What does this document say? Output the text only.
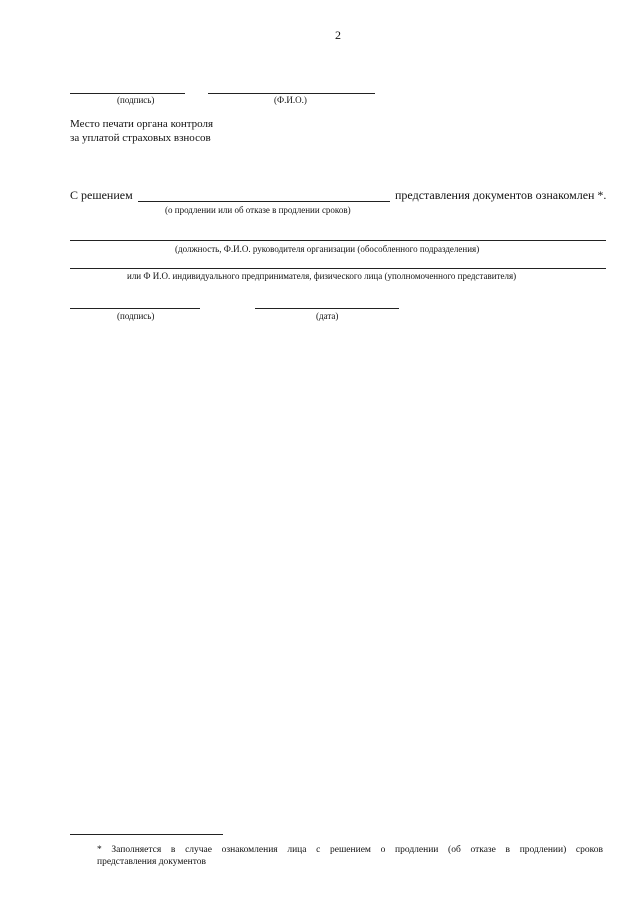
2
(подпись)	(Ф.И.О.)
Место печати органа контроля
за уплатой страховых взносов
С решением	представления документов ознакомлен *.
(о продлении или об отказе в продлении сроков)
(должность, Ф.И.О. руководителя организации (обособленного подразделения)
или Ф И.О. индивидуального предпринимателя, физического лица (уполномоченного представителя)
(подпись)	(дата)
* Заполняется в случае ознакомления лица с решением о продлении (об отказе в продлении) сроков
представления документов
